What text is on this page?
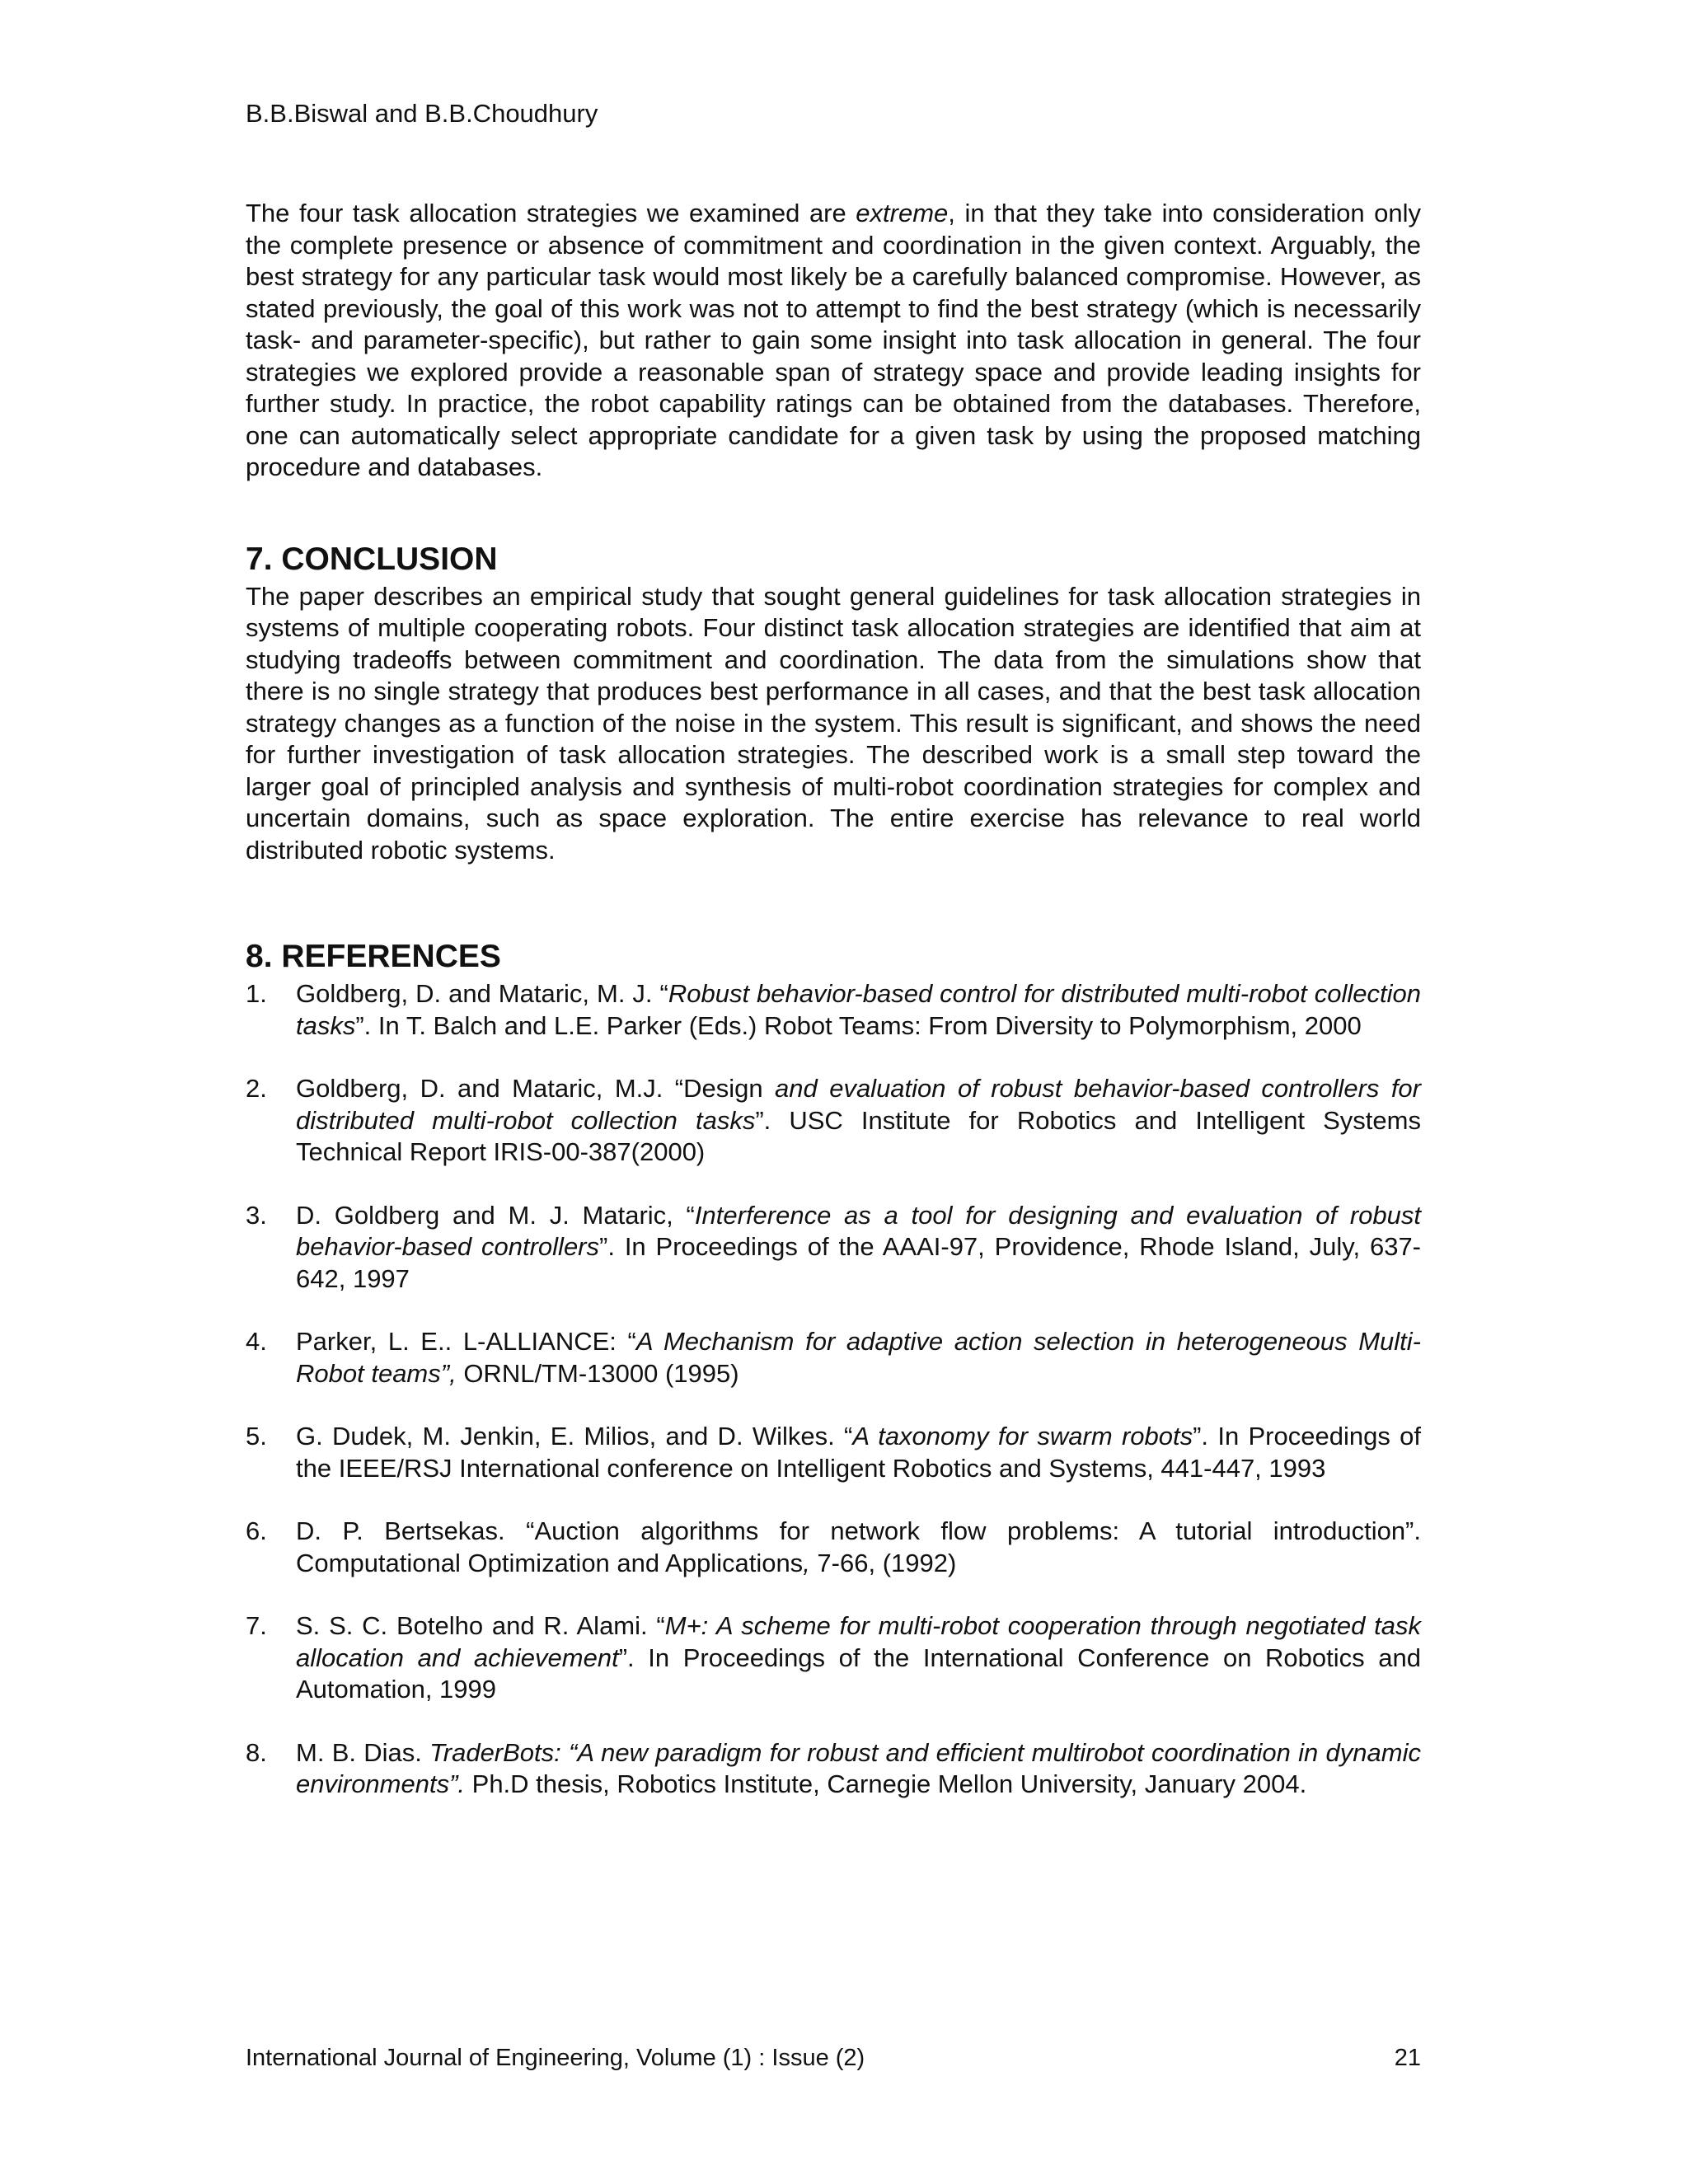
B.B.Biswal and B.B.Choudhury

The four task allocation strategies we examined are extreme, in that they take into consideration only the complete presence or absence of commitment and coordination in the given context. Arguably, the best strategy for any particular task would most likely be a carefully balanced compromise. However, as stated previously, the goal of this work was not to attempt to find the best strategy (which is necessarily task- and parameter-specific), but rather to gain some insight into task allocation in general. The four strategies we explored provide a reasonable span of strategy space and provide leading insights for further study. In practice, the robot capability ratings can be obtained from the databases. Therefore, one can automatically select appropriate candidate for a given task by using the proposed matching procedure and databases.

7. CONCLUSION

The paper describes an empirical study that sought general guidelines for task allocation strategies in systems of multiple cooperating robots. Four distinct task allocation strategies are identified that aim at studying tradeoffs between commitment and coordination. The data from the simulations show that there is no single strategy that produces best performance in all cases, and that the best task allocation strategy changes as a function of the noise in the system. This result is significant, and shows the need for further investigation of task allocation strategies. The described work is a small step toward the larger goal of principled analysis and synthesis of multi-robot coordination strategies for complex and uncertain domains, such as space exploration. The entire exercise has relevance to real world distributed robotic systems.

8. REFERENCES
1. Goldberg, D. and Mataric, M. J. “Robust behavior-based control for distributed multi-robot collection tasks”. In T. Balch and L.E. Parker (Eds.) Robot Teams: From Diversity to Polymorphism, 2000
2. Goldberg, D. and Mataric, M.J. “Design and evaluation of robust behavior-based controllers for distributed multi-robot collection tasks”. USC Institute for Robotics and Intelligent Systems Technical Report IRIS-00-387(2000)
3. D. Goldberg and M. J. Mataric, “Interference as a tool for designing and evaluation of robust behavior-based controllers”. In Proceedings of the AAAI-97, Providence, Rhode Island, July, 637-642, 1997
4. Parker, L. E.. L-ALLIANCE: “A Mechanism for adaptive action selection in heterogeneous Multi-Robot teams”, ORNL/TM-13000 (1995)
5. G. Dudek, M. Jenkin, E. Milios, and D. Wilkes. “A taxonomy for swarm robots”. In Proceedings of the IEEE/RSJ International conference on Intelligent Robotics and Systems, 441-447, 1993
6. D. P. Bertsekas. “Auction algorithms for network flow problems: A tutorial introduction”. Computational Optimization and Applications, 7-66, (1992)
7. S. S. C. Botelho and R. Alami. “M+: A scheme for multi-robot cooperation through negotiated task allocation and achievement”. In Proceedings of the International Conference on Robotics and Automation, 1999
8. M. B. Dias. TraderBots: “A new paradigm for robust and efficient multirobot coordination in dynamic environments”. Ph.D thesis, Robotics Institute, Carnegie Mellon University, January 2004.
International Journal of Engineering, Volume (1) : Issue (2)	21
